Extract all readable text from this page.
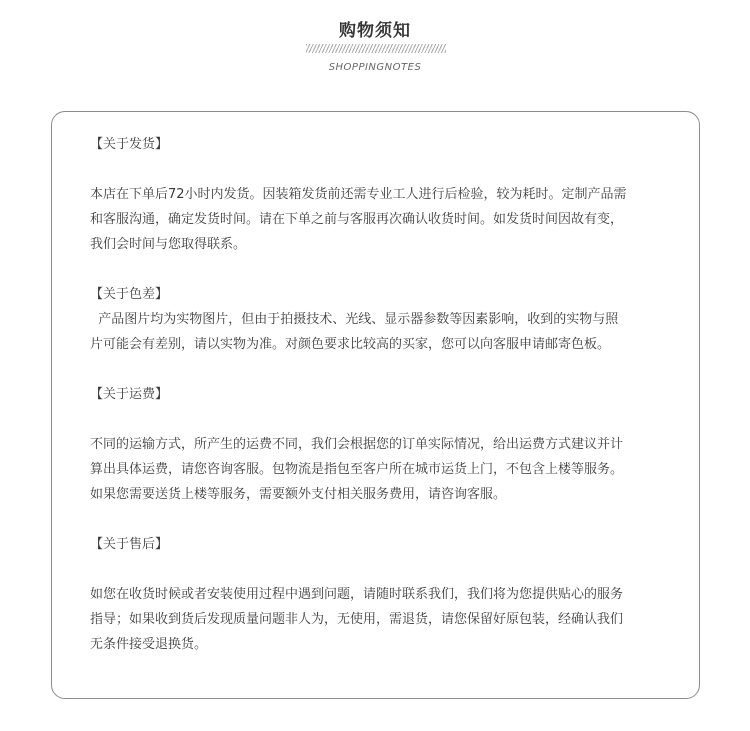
购物须知
SHOPPINGNOTES
【关于发货】
本店在下单后72小时内发货。因装箱发货前还需专业工人进行后检验，较为耗时。定制产品需
和客服沟通，确定发货时间。请在下单之前与客服再次确认收货时间。如发货时间因故有变，
我们会时间与您取得联系。
【关于色差】
产品图片均为实物图片，但由于拍摄技术、光线、显示器参数等因素影响，收到的实物与照
片可能会有差别，请以实物为准。对颜色要求比较高的买家，您可以向客服申请邮寄色板。
【关于运费】
不同的运输方式，所产生的运费不同，我们会根据您的订单实际情况，给出运费方式建议并计
算出具体运费，请您咨询客服。包物流是指包至客户所在城市运货上门，不包含上楼等服务。
如果您需要送货上楼等服务，需要额外支付相关服务费用，请咨询客服。
【关于售后】
如您在收货时候或者安装使用过程中遇到问题，请随时联系我们，我们将为您提供贴心的服务
指导；如果收到货后发现质量问题非人为，无使用，需退货，请您保留好原包装，经确认我们
无条件接受退换货。
